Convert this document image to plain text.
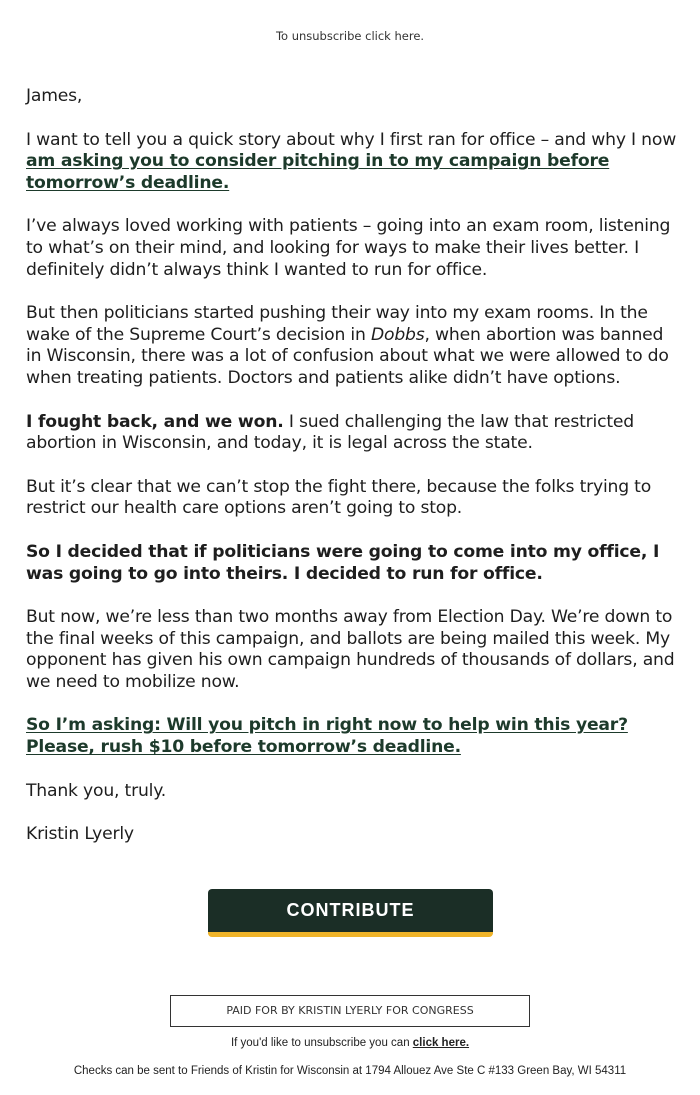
To unsubscribe click here.

James,

I want to tell you a quick story about why I first ran for office – and why I now am asking you to consider pitching in to my campaign before tomorrow’s deadline.

I’ve always loved working with patients – going into an exam room, listening to what’s on their mind, and looking for ways to make their lives better. I definitely didn’t always think I wanted to run for office.

But then politicians started pushing their way into my exam rooms. In the wake of the Supreme Court’s decision in Dobbs, when abortion was banned in Wisconsin, there was a lot of confusion about what we were allowed to do when treating patients. Doctors and patients alike didn’t have options.

I fought back, and we won. I sued challenging the law that restricted abortion in Wisconsin, and today, it is legal across the state.

But it’s clear that we can’t stop the fight there, because the folks trying to restrict our health care options aren’t going to stop.

So I decided that if politicians were going to come into my office, I was going to go into theirs. I decided to run for office.

But now, we’re less than two months away from Election Day. We’re down to the final weeks of this campaign, and ballots are being mailed this week. My opponent has given his own campaign hundreds of thousands of dollars, and we need to mobilize now.

So I’m asking: Will you pitch in right now to help win this year? Please, rush $10 before tomorrow’s deadline.

Thank you, truly.

Kristin Lyerly

CONTRIBUTE
PAID FOR BY KRISTIN LYERLY FOR CONGRESS
If you'd like to unsubscribe you can click here.
Checks can be sent to Friends of Kristin for Wisconsin at 1794 Allouez Ave Ste C #133 Green Bay, WI 54311
